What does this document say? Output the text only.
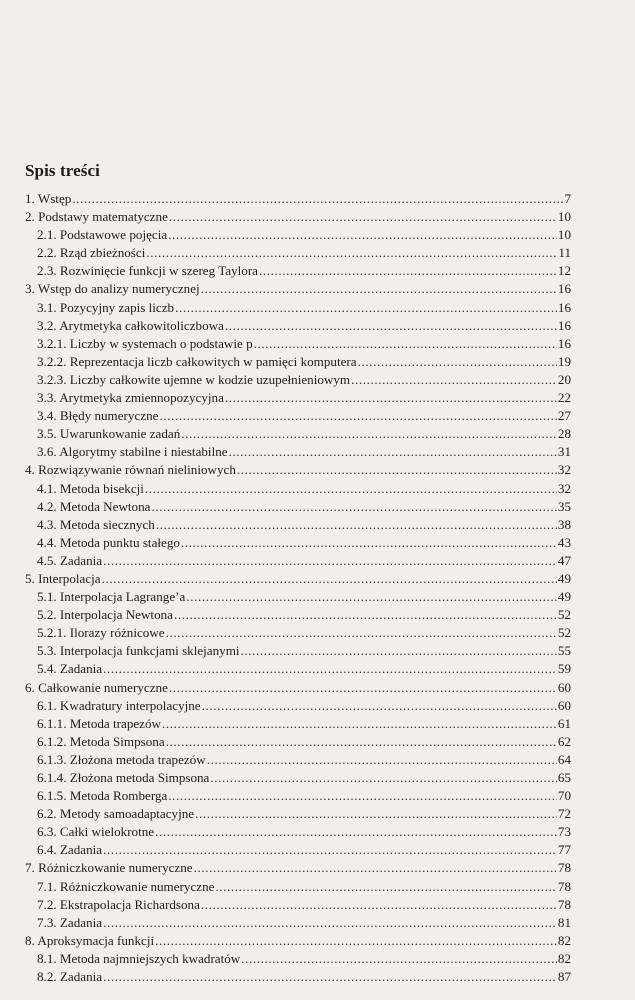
Spis treści
1. Wstęp .....	7
2. Podstawy matematyczne .....	10
2.1. Podstawowe pojęcia .....	10
2.2. Rząd zbieżności .....	11
2.3. Rozwinięcie funkcji w szereg Taylora .....	12
3. Wstęp do analizy numerycznej .....	16
3.1. Pozycyjny zapis liczb .....	16
3.2. Arytmetyka całkowitoliczbowa .....	16
3.2.1. Liczby w systemach o podstawie p .....	16
3.2.2. Reprezentacja liczb całkowitych w pamięci komputera .....	19
3.2.3. Liczby całkowite ujemne w kodzie uzupełnieniowym .....	20
3.3. Arytmetyka zmiennopozycyjna .....	22
3.4. Błędy numeryczne .....	27
3.5. Uwarunkowanie zadań .....	28
3.6. Algorytmy stabilne i niestabilne .....	31
4. Rozwiązywanie równań nieliniowych .....	32
4.1. Metoda bisekcji .....	32
4.2. Metoda Newtona .....	35
4.3. Metoda siecznych .....	38
4.4. Metoda punktu stałego .....	43
4.5. Zadania .....	47
5. Interpolacja .....	49
5.1. Interpolacja Lagrange’a .....	49
5.2. Interpolacja Newtona .....	52
5.2.1. Ilorazy różnicowe .....	52
5.3. Interpolacja funkcjami sklejanymi .....	55
5.4. Zadania .....	59
6. Całkowanie numeryczne .....	60
6.1. Kwadratury interpolacyjne .....	60
6.1.1. Metoda trapezów .....	61
6.1.2. Metoda Simpsona .....	62
6.1.3. Złożona metoda trapezów .....	64
6.1.4. Złożona metoda Simpsona .....	65
6.1.5. Metoda Romberga .....	70
6.2. Metody samoadaptacyjne .....	72
6.3. Całki wielokrotne .....	73
6.4. Zadania .....	77
7. Różniczkowanie numeryczne .....	78
7.1. Różniczkowanie numeryczne .....	78
7.2. Ekstrapolacja Richardsona .....	78
7.3. Zadania .....	81
8. Aproksymacja funkcji .....	82
8.1. Metoda najmniejszych kwadratów .....	82
8.2. Zadania .....	87
